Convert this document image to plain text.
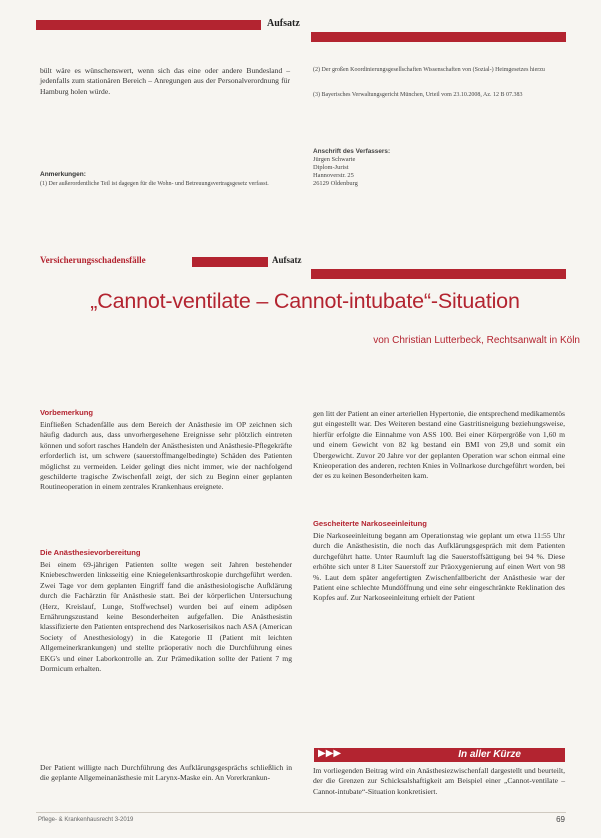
Aufsatz
Heimrecht
bült wäre es wünschenswert, wenn sich das eine oder andere Bundesland – jedenfalls zum stationären Bereich – Anregungen aus der Personalverordnung für Hamburg holen würde.
Anmerkungen:
(1) Der außerordentliche Teil ist dagegen für die Wohn- und Betreuungsvertragsgesetz verfasst.
(2) Der großen Koordinierungsgesellschaften Wissenschaften von (Sozial-) Heimgesetzes hierzu
(3) Bayerisches Verwaltungsgericht München, Urteil vom 23.10.2008, Az. 12 B 07.383
Anschrift des Verfassers:
Jürgen Schwarte
Diplom-Jurist
Hannoverstr. 25
26129 Oldenburg
Versicherungsschadensfälle	Aufsatz
„Cannot-ventilate – Cannot-intubate“-Situation
von Christian Lutterbeck, Rechtsanwalt in Köln
Vorbemerkung
Einfließen Schadenfälle aus dem Bereich der Anästhesie im OP zeichnen sich häufig dadurch aus, dass unvorhergesehene Ereignisse sehr plötzlich eintreten können und sofort rasches Handeln der Anästhesisten und Anästhesie-Pflegekräfte erforderlich ist, um schwere (sauerstoffmangelbedingte) Schäden des Patienten möglichst zu vermeiden. Leider gelingt dies nicht immer, wie der nachfolgend geschilderte tragische Zwischenfall zeigt, der sich zu Beginn einer geplanten Routineoperation in einem zentrales Krankenhaus ereignete.
Die Anästhesievorbereitung
Bei einem 69-jährigen Patienten sollte wegen seit Jahren bestehender Kniebeschwerden linksseitig eine Kniegelenksarthroskopie durchgeführt werden. Zwei Tage vor dem geplanten Eingriff fand die anästhesiologische Aufklärung durch die Fachärztin für Anästhesie statt. Bei der körperlichen Untersuchung (Herz, Kreislauf, Lunge, Stoffwechsel) wurden bei auf einem adipösen Ernährungszustand keine Besonderheiten aufgefallen. Die Anästhesistin klassifizierte den Patienten entsprechend des Narkoserisikos nach ASA (American Society of Anesthesiology) in die Kategorie II (Patient mit leichten Allgemeinerkrankungen) und stellte präoperativ noch die Durchführung eines EKG's und einer Laborkontrolle an. Zur Prämedikation sollte der Patient 7 mg Dormicum erhalten.
Der Patient willigte nach Durchführung des Aufklärungsgesprächs schließlich in die geplante Allgemeinanästhesie mit Larynx-Maske ein. An Vorerkrankun-
gen litt der Patient an einer arteriellen Hypertonie, die entsprechend medikamentös gut eingestellt war. Des Weiteren bestand eine Gastritisneigung beziehungsweise, hierfür erfolgte die Einnahme von ASS 100. Bei einer Körpergröße von 1,60 m und einem Gewicht von 82 kg bestand ein BMI von 29,8 und somit ein Übergewicht. Zuvor 20 Jahre vor der geplanten Operation war schon einmal eine Knieoperation des anderen, rechten Knies in Vollnarkose durchgeführt worden, bei der es zu keinen Besonderheiten kam.
Gescheiterte Narkoseeinleitung
Die Narkoseeinleitung begann am Operationstag wie geplant um etwa 11:55 Uhr durch die Anästhesistin, die noch das Aufklärungsgespräch mit dem Patienten durchgeführt hatte. Unter Raumluft lag die Sauerstoffsättigung bei 94 %. Diese erhöhte sich unter 8 Liter Sauerstoff zur Präoxygenierung auf einen Wert von 98 %. Laut dem später angefertigten Zwischenfallbericht der Anästhesie war der Patient eine schlechte Mundöffnung und eine sehr eingeschränkte Reklination des Kopfes auf. Zur Narkoseeinleitung erhielt der Patient
In aller Kürze
▶▶▶
Im vorliegenden Beitrag wird ein Anästhesiezwischenfall dargestellt und beurteilt, der die Grenzen zur Schicksalshaftigkeit am Beispiel einer „Cannot-ventilate – Cannot-intubate“-Situation konkretisiert.
Pflege- & Krankenhausrecht 3-2019	69
